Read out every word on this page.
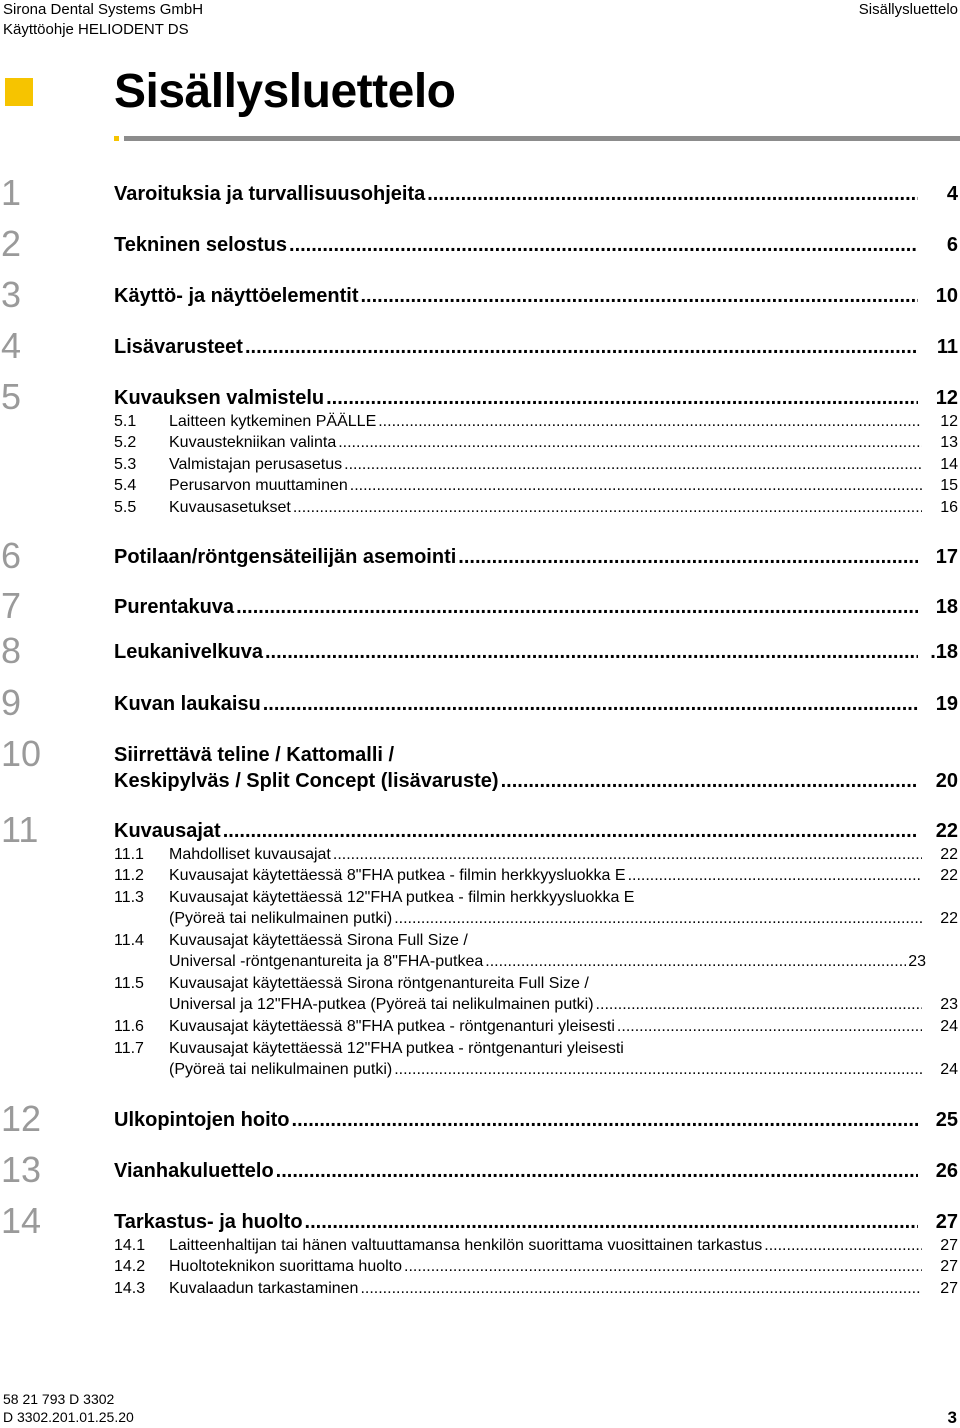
Sirona Dental Systems GmbH
Käyttöohje HELIODENT DS
Sisällysluettelo
Sisällysluettelo
1	Varoituksia ja turvallisuusohjeita .....	4
2	Tekninen selostus .....	6
3	Käyttö- ja näyttöelementit .....	10
4	Lisävarusteet .....	11
5	Kuvauksen valmistelu .....	12
5.1 Laitteen kytkeminen PÄÄLLE .....	12
5.2 Kuvaustekniikan valinta .....	13
5.3 Valmistajan perusasetus .....	14
5.4 Perusarvon muuttaminen .....	15
5.5 Kuvausasetukset .....	16
6	Potilaan/röntgensäteilijän asemointi .....	17
7	Purentakuva .....	18
8	Leukanivelkuva .....	.18
9	Kuvan laukaisu .....	19
10	Siirrettävä teline / Kattomalli /
Keskipylväs / Split Concept (lisävaruste) .....	20
11	Kuvausajat .....	22
11.1 Mahdolliset kuvausajat .....	22
11.2 Kuvausajat käytettäessä 8"FHA putkea - filmin herkkyysluokka E .....	22
11.3 Kuvausajat käytettäessä 12"FHA putkea - filmin herkkyysluokka E
(Pyöreä tai nelikulmainen putki) .....	22
11.4 Kuvausajat käytettäessä Sirona Full Size /
Universal -röntgenantureita ja 8"FHA-putkea .....	23
11.5 Kuvausajat käytettäessä Sirona röntgenantureita Full Size /
Universal ja 12"FHA-putkea (Pyöreä tai nelikulmainen putki) .....	23
11.6 Kuvausajat käytettäessä 8"FHA putkea - röntgenanturi yleisesti .....	24
11.7 Kuvausajat käytettäessä 12"FHA putkea - röntgenanturi yleisesti
(Pyöreä tai nelikulmainen putki) .....	24
12	Ulkopintojen hoito .....	25
13	Vianhakuluettelo .....	26
14	Tarkastus- ja huolto .....	27
14.1 Laitteenhaltijan tai hänen valtuuttamansa henkilön suorittama vuosittainen tarkastus .....	27
14.2 Huoltoteknikon suorittama huolto .....	27
14.3 Kuvalaadun tarkastaminen .....	27
58 21 793 D 3302
D 3302.201.01.25.20	3
